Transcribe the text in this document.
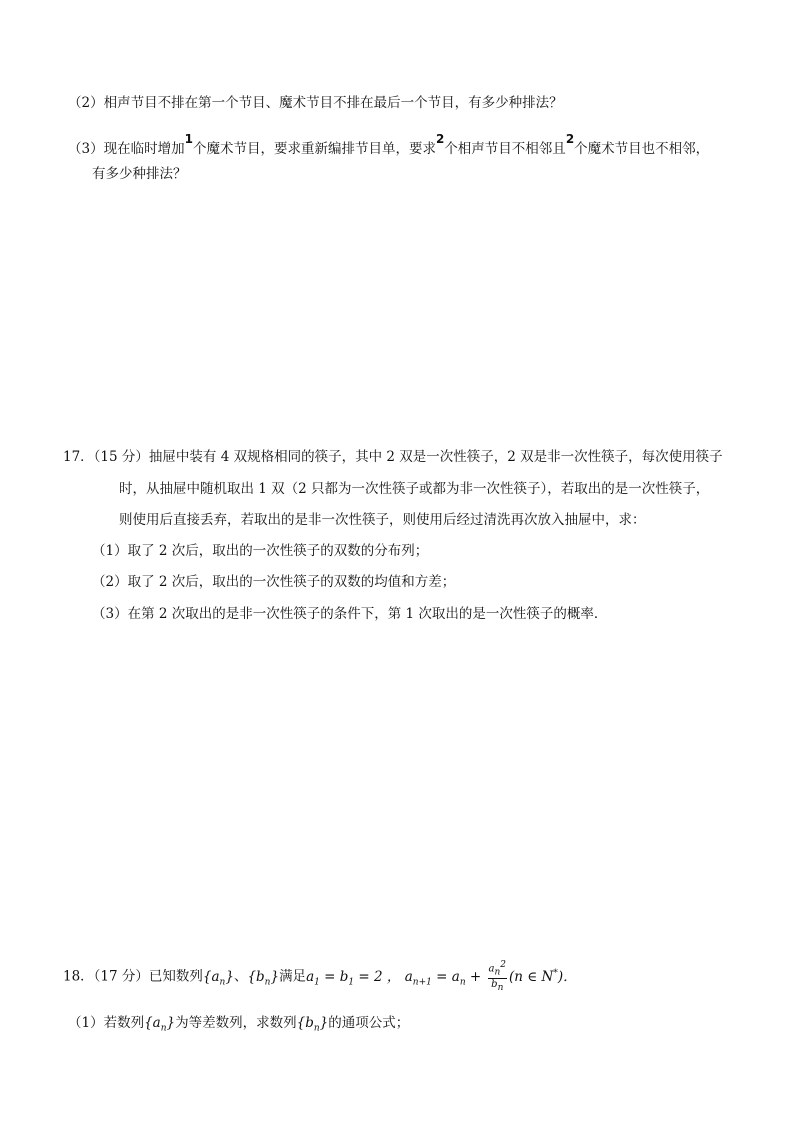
（2）相声节目不排在第一个节目、魔术节目不排在最后一个节目，有多少种排法？
（3）现在临时增加1个魔术节目，要求重新编排节目单，要求2个相声节目不相邻且2个魔术节目也不相邻，
有多少种排法？
17．（15 分）抽屉中装有 4 双规格相同的筷子，其中 2 双是一次性筷子，2 双是非一次性筷子，每次使用筷子
时，从抽屉中随机取出 1 双（2 只都为一次性筷子或都为非一次性筷子），若取出的是一次性筷子，
则使用后直接丢弃，若取出的是非一次性筷子，则使用后经过清洗再次放入抽屉中，求：
（1）取了 2 次后，取出的一次性筷子的双数的分布列；
（2）取了 2 次后，取出的一次性筷子的双数的均值和方差；
（3）在第 2 次取出的是非一次性筷子的条件下，第 1 次取出的是一次性筷子的概率．
18．（17 分）已知数列$\{a_n\}$、$\{b_n\}$满足$a_1 = b_1 = 2$ ， $a_{n+1} = a_n + \frac{a_n^2}{b_n} (n$ ∈ N*)．
（1）若数列$\{a_n\}$为等差数列，求数列$\{b_n\}$的通项公式；
